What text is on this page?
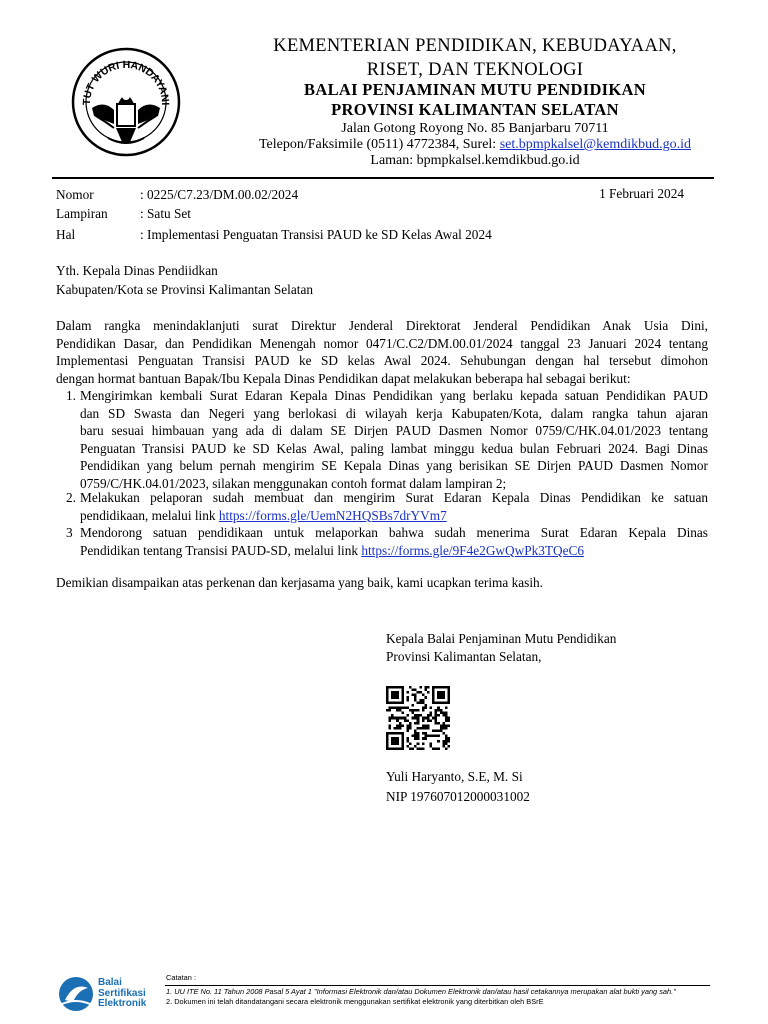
TUT WURI HANDAYANI
KEMENTERIAN PENDIDIKAN, KEBUDAYAAN,
RISET, DAN TEKNOLOGI
BALAI PENJAMINAN MUTU PENDIDIKAN
PROVINSI KALIMANTAN SELATAN
Jalan Gotong Royong No. 85 Banjarbaru 70711
Telepon/Faksimile (0511) 4772384, Surel: set.bpmpkalsel@kemdikbud.go.id
Laman: bpmpkalsel.kemdikbud.go.id
Nomor	: 0225/C7.23/DM.00.02/2024	1 Februari 2024
Lampiran : Satu Set
Hal	: Implementasi Penguatan Transisi PAUD ke SD Kelas Awal 2024
Yth. Kepala Dinas Pendiidkan
Kabupaten/Kota se Provinsi Kalimantan Selatan
Dalam rangka menindaklanjuti surat Direktur Jenderal Direktorat Jenderal Pendidikan Anak Usia Dini,
Pendidikan Dasar, dan Pendidikan Menengah nomor 0471/C.C2/DM.00.01/2024 tanggal 23 Januari 2024 tentang
Implementasi Penguatan Transisi PAUD ke SD kelas Awal 2024. Sehubungan dengan hal tersebut dimohon
dengan hormat bantuan Bapak/Ibu Kepala Dinas Pendidikan dapat melakukan beberapa hal sebagai berikut:
1. Mengirimkan kembali Surat Edaran Kepala Dinas Pendidikan yang berlaku kepada satuan Pendidikan PAUD
dan SD Swasta dan Negeri yang berlokasi di wilayah kerja Kabupaten/Kota, dalam rangka tahun ajaran
baru sesuai himbauan yang ada di dalam SE Dirjen PAUD Dasmen Nomor 0759/C/HK.04.01/2023 tentang
Penguatan Transisi PAUD ke SD Kelas Awal, paling lambat minggu kedua bulan Februari 2024. Bagi Dinas
Pendidikan yang belum pernah mengirim SE Kepala Dinas yang berisikan SE Dirjen PAUD Dasmen Nomor
0759/C/HK.04.01/2023, silakan menggunakan contoh format dalam lampiran 2;
2. Melakukan pelaporan sudah membuat dan mengirim Surat Edaran Kepala Dinas Pendidikan ke satuan
pendidikaan, melalui link https://forms.gle/UemN2HQSBs7drYVm7
3 Mendorong satuan pendidikaan untuk melaporkan bahwa sudah menerima Surat Edaran Kepala Dinas
Pendidikan tentang Transisi PAUD-SD, melalui link https://forms.gle/9F4e2GwQwPk3TQeC6
Demikian disampaikan atas perkenan dan kerjasama yang baik, kami ucapkan terima kasih.
Kepala Balai Penjaminan Mutu Pendidikan
Provinsi Kalimantan Selatan,
Yuli Haryanto, S.E, M. Si
NIP 197607012000031002
Balai
Sertifikasi
Elektronik
Catatan :
1. UU ITE No. 11 Tahun 2008 Pasal 5 Ayat 1 "Informasi Elektronik dan/atau Dokumen Elektronik dan/atau hasil cetakannya merupakan alat bukti yang sah."
2. Dokumen ini telah ditandatangani secara elektronik menggunakan sertifikat elektronik yang diterbitkan oleh BSrE
